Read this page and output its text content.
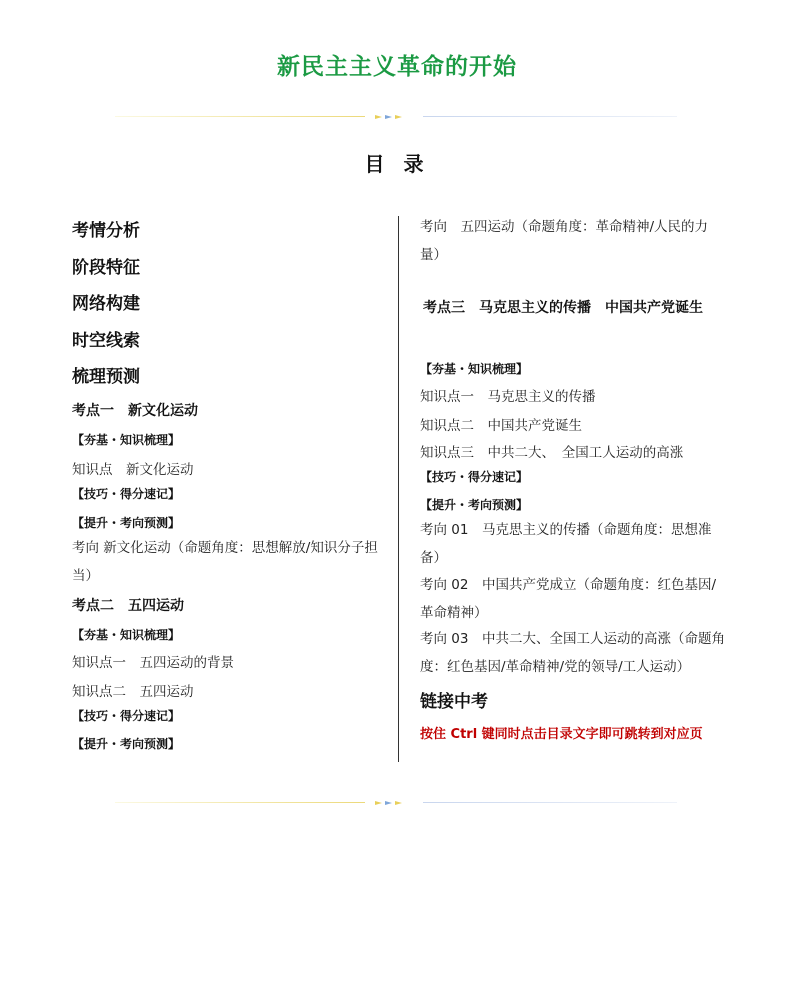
新民主主义革命的开始
目 录
考情分析
阶段特征
网络构建
时空线索
梳理预测
考点一　新文化运动
【夯基・知识梳理】
知识点　新文化运动
【技巧・得分速记】
【提升・考向预测】
考向 新文化运动（命题角度：思想解放/知识分子担当）
考点二　五四运动
【夯基・知识梳理】
知识点一　五四运动的背景
知识点二　五四运动
【技巧・得分速记】
【提升・考向预测】
考向　五四运动（命题角度：革命精神/人民的力量）
考点三　马克思主义的传播　中国共产党诞生
【夯基・知识梳理】
知识点一　马克思主义的传播
知识点二　中国共产党诞生
知识点三　中共二大、　全国工人运动的高涨
【技巧・得分速记】
【提升・考向预测】
考向 01　马克思主义的传播（命题角度：思想准备）
考向 02　中国共产党成立（命题角度：红色基因/革命精神）
考向 03　中共二大、全国工人运动的高涨（命题角度：红色基因/革命精神/党的领导/工人运动）
链接中考
按住 Ctrl 键同时点击目录文字即可跳转到对应页
